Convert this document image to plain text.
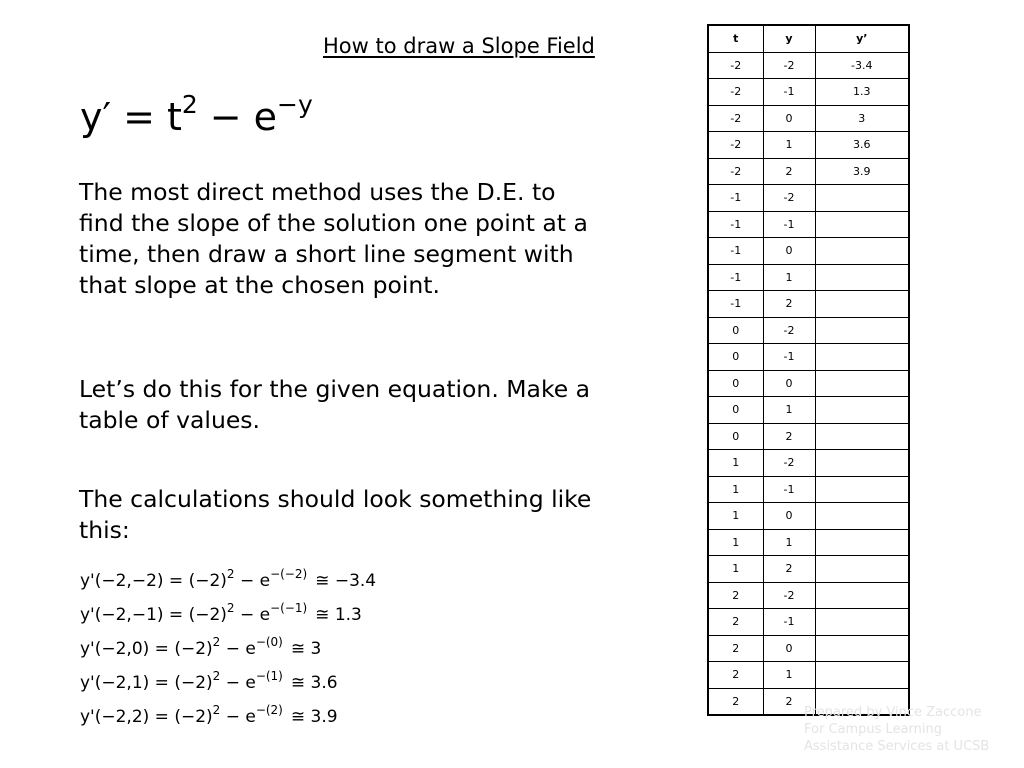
How to draw a Slope Field
$y' = t^2 - e^{-y}$

The most direct method uses the D.E. to find the slope of the solution one point at a time, then draw a short line segment with that slope at the chosen point.

Let’s do this for the given equation. Make a table of values.

The calculations should look something like this:

$y'(-2,-2) = (-2)^2 - e^{-(-2)}$ ≅ −3.4
$y'(-2,-1) = (-2)^2 - e^{-(-1)}$ ≅ 1.3
$y'(-2,0) = (-2)^2 - e^{-(0)}$ ≅ 3
$y'(-2,1) = (-2)^2 - e^{-(1)}$ ≅ 3.6
$y'(-2,2) = (-2)^2 - e^{-(2)}$ ≅ 3.9
t	y	y’
-2	-2	-3.4
-2	-1	1.3
-2	0	3
-2	1	3.6
-2	2	3.9
-1	-2	
-1	-1	
-1	0	
-1	1	
-1	2	
0	-2	
0	-1	
0	0	
0	1	
0	2	
1	-2	
1	-1	
1	0	
1	1	
1	2	
2	-2	
2	-1	
2	0	
2	1	
2	2	
Prepared by Vince Zaccone
For Campus Learning
Assistance Services at UCSB
